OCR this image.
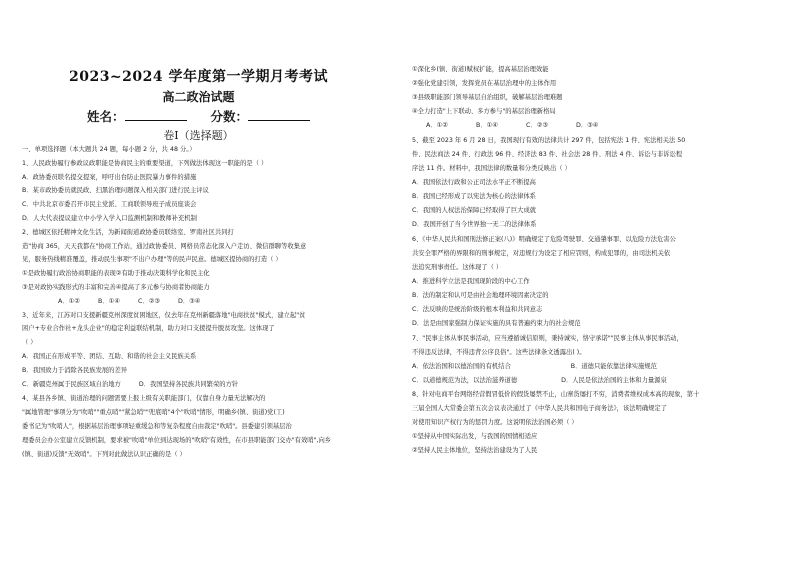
2023~2024 学年度第一学期月考考试
高二政治试题
姓名：	分数：
卷Ⅰ（选择题）
一、单项选择题（本大题共 24 题，每小题 2 分，共 48 分。）
1、人民政协履行参政议政职能是协商民主的重要渠道，下列做法体现这一职能的是（ ）
A．政协委员联名提交提案，呼吁出台防止医院暴力事件的措施
B．某市政协委员就民政、扫黑治理问题深入相关部门进行民主评议
C．中共北京市委召开市民主党派、工商联领导班子成员座谈会
D．人大代表提议建立中小学入学入口监测机制和教师补充机制
2、德城区依托精神文化生活，为新闻街道政协委员联络室、罗南社区共同打
造"协商 365，天天我都在"协商工作站，通过政协委员、网格员常态化深入户走访、微信群聊等收集意
见，服务热线精准覆盖，推动民生事项"不出户办理"等的民声民意。德城区提协商的打造（ ）
①是政协履行政治协商职能的表现②有助于推动决策科学化和民主化
③是对政协实践形式的丰富和完善④提高了多元参与协商者协商能力
A．①②	B．①④	C．②③	D．③④
3、近年来，江苏对口支援新疆克州深度贫困地区，仅去年在克州新疆落地"电商扶贫"模式，建立起"贫
困户+专业合作社+龙头企业"的稳定利益联结机制，助力对口支援提升脱贫攻坚。这体现了
（ ）
A．我国正在形成平等、团结、互助、和谐的社会主义民族关系
B．我国致力于消除各民族发展的差异
C．新疆克州属于民族区域自治地方	D．我国坚持各民族共同繁荣的方针
4、某县各乡镇、街道治理的问题需要上报上级有关职能部门，仅靠自身力量无法解决的
"属地管理"事项分为"吹哨""重点哨""紧急哨""兜底哨"4个"吹哨"情形，明确乡(镇、街道)党(工)
委书记为"吹哨人"，根据基层治理事项轻重缓急和等复杂程度自由裁定"吹哨"。县委建引领基层治
理委员会办公室建立反馈机制，要求被"吹哨"单位到达现场的"吹哨"有效性，在市县职能部门交办"有效哨",向乡
(镇、街道)反馈"无效哨"。下列对此做法认识正确的是（ ）
①深化乡(镇、街道)赋权扩能，提高基层治理效能
②强化党建引领，发挥党员在基层治理中的主体作用
③县级职能部门领导基层自治组织，破解基层治理难题
④全力打造"上下联动、多方参与"的基层治理新格局
A．①②	B．①④	C．②③	D．③④
5、截至 2023 年 6 月 28 日，我国现行有效的法律共计 297 件，包括宪法 1 件、宪法相关法 50
件、民法商法 24 件、行政法 96 件、经济法 83 件、社会法 28 件、刑法 4 件、诉讼与非诉讼程
序法 11 件。材料中，我国法律的数量和分类反映出（ ）
A．我国依法行政和公正司法水平正不断提高
B．我国已经形成了以宪法为核心的法律体系
C．我国的人权法治保障已经取得了巨大成就
D．我国开创了当今世界独一无二的法律体系
6、《中华人民共和国刑法修正案(八)》明确规定了危险驾驶罪、交通肇事罪、以危险方法危害公
共安全罪严格的界限和的刑事规定，对违规行为设定了相应罚则，构成犯罪的，由司法机关依
法追究刑事责任。这体现了（ ）
A．推进科学立法是我国现阶段的中心工作
B．法的制定和认可是由社会地理环境因素决定的
C．法反映的是统治阶级的根本利益和共同意志
D．法是由国家强制力保证实施的具有普遍约束力的社会规范
7、"民事主体从事民事活动，应当遵循诚信原则，秉持诚实，恪守承诺""民事主体从事民事活动，
不得违反法律，不得违背公序良俗"。这些法律条文透露出( )。
A．依法治国和以德治国的有机结合	B．道德只能依靠法律实施规范
C．以道德规范为法，以法治滋养道德	D．人民是依法治国的主体和力量源泉
8、针对电商平台网络经营假冒低价的假货屡禁不止，山寨货屡打不穷，消费者维权成本高的现象，第十
三届全国人大常委会第五次会议表决通过了《中华人民共和国电子商务法》，该法明确规定了
对使用知识产权行为的惩罚力度。这说明依法治国必须（ ）
①坚持从中国实际出发，与我国的国情相适应
②坚持人民主体地位，坚持法治建设为了人民
